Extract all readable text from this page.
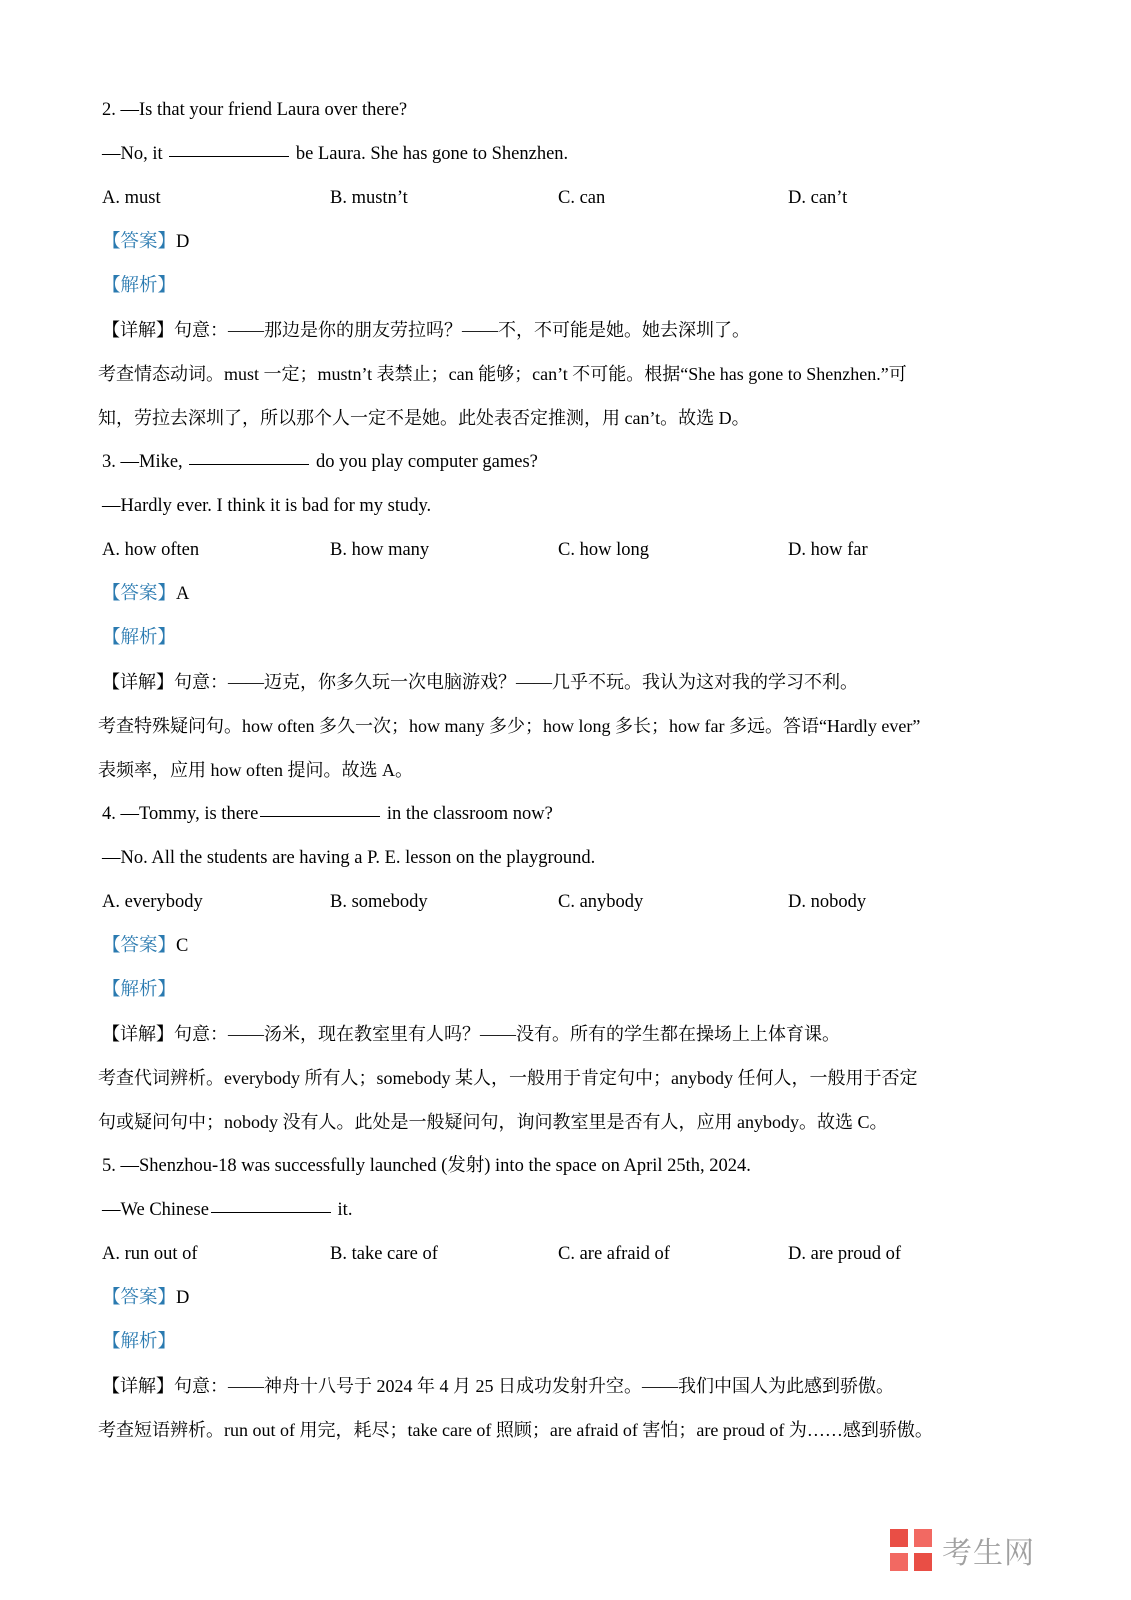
2. —Is that your friend Laura over there?
—No, it	be Laura. She has gone to Shenzhen.
A. must	B. mustn’t	C. can	D. can’t
【答案】D
【解析】
【详解】句意：——那边是你的朋友劳拉吗？——不，不可能是她。她去深圳了。
考查情态动词。must 一定；mustn’t 表禁止；can 能够；can’t 不可能。根据“She has gone to Shenzhen.”可
知，劳拉去深圳了，所以那个人一定不是她。此处表否定推测，用 can’t。故选 D。
3. —Mike,	do you play computer games?
—Hardly ever. I think it is bad for my study.
A. how often	B. how many	C. how long	D. how far
【答案】A
【解析】
【详解】句意：——迈克，你多久玩一次电脑游戏？——几乎不玩。我认为这对我的学习不利。
考查特殊疑问句。how often 多久一次；how many 多少；how long 多长；how far 多远。答语“Hardly ever”
表频率，应用 how often 提问。故选 A。
4. —Tommy, is there	in the classroom now?
—No. All the students are having a P. E. lesson on the playground.
A. everybody	B. somebody	C. anybody	D. nobody
【答案】C
【解析】
【详解】句意：——汤米，现在教室里有人吗？——没有。所有的学生都在操场上上体育课。
考查代词辨析。everybody 所有人；somebody 某人，一般用于肯定句中；anybody 任何人，一般用于否定
句或疑问句中；nobody 没有人。此处是一般疑问句，询问教室里是否有人，应用 anybody。故选 C。
5. —Shenzhou-18 was successfully launched (发射) into the space on April 25th, 2024.
—We Chinese	it.
A. run out of	B. take care of	C. are afraid of	D. are proud of
【答案】D
【解析】
【详解】句意：——神舟十八号于 2024 年 4 月 25 日成功发射升空。——我们中国人为此感到骄傲。
考查短语辨析。run out of 用完，耗尽；take care of 照顾；are afraid of 害怕；are proud of 为……感到骄傲。
考生网
